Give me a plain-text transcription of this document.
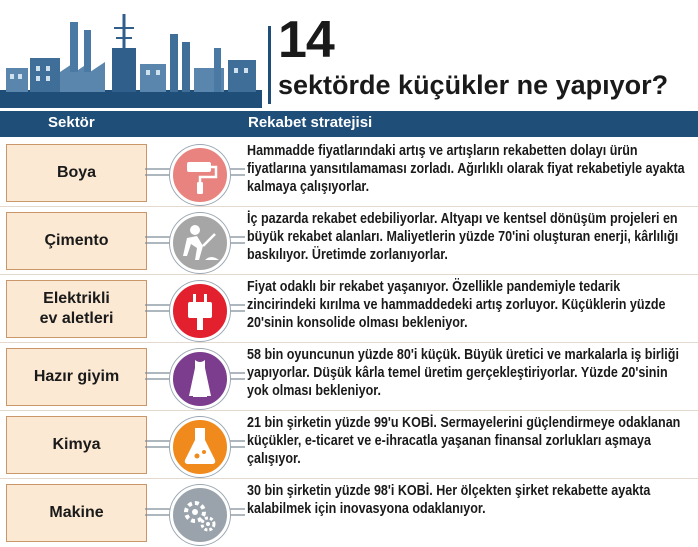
14
sektörde küçükler ne yapıyor?
Sektör	Rekabet stratejisi
Boya
Hammadde fiyatlarındaki artış ve artışların rekabetten dolayı ürün fiyatlarına yansıtılamaması zorladı. Ağırlıklı olarak fiyat rekabetiyle ayakta kalmaya çalışıyorlar.
Çimento
İç pazarda rekabet edebiliyorlar. Altyapı ve kentsel dönüşüm projeleri en büyük rekabet alanları. Maliyetlerin yüzde 70'ini oluşturan enerji, kârlılığı baskılıyor. Üretimde zorlanıyorlar.
Elektrikli
ev aletleri
Fiyat odaklı bir rekabet yaşanıyor. Özellikle pandemiyle tedarik zincirindeki kırılma ve hammaddedeki artış zorluyor. Küçüklerin yüzde 20'sinin konsolide olması bekleniyor.
Hazır giyim
58 bin oyuncunun yüzde 80'i küçük. Büyük üretici ve markalarla iş birliği yapıyorlar. Düşük kârla temel üretim gerçekleştiriyorlar. Yüzde 20'sinin yok olması bekleniyor.
Kimya
21 bin şirketin yüzde 99'u KOBİ. Sermayelerini güçlendirmeye odaklanan küçükler, e-ticaret ve e-ihracatla yaşanan finansal zorlukları aşmaya çalışıyor.
Makine
30 bin şirketin yüzde 98'i KOBİ. Her ölçekten şirket rekabette ayakta kalabilmek için inovasyona odaklanıyor.
